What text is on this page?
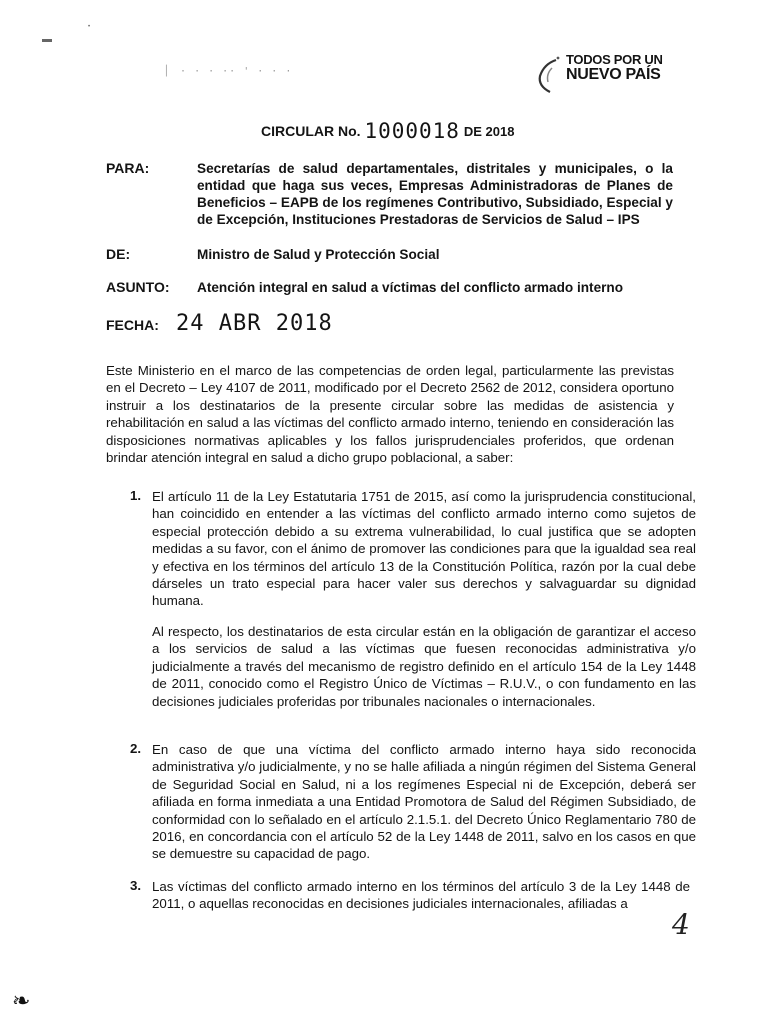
▬
•
▏ · · · ·· ' · · ·
TODOS POR UN
NUEVO PAÍS
CIRCULAR No. 1000018 DE 2018
PARA:	Secretarías de salud departamentales, distritales y municipales, o la entidad que haga sus veces, Empresas Administradoras de Planes de Beneficios – EAPB de los regímenes Contributivo, Subsidiado, Especial y de Excepción, Instituciones Prestadoras de Servicios de Salud – IPS
DE:	Ministro de Salud y Protección Social
ASUNTO: Atención integral en salud a víctimas del conflicto armado interno
FECHA: 24 ABR 2018
Este Ministerio en el marco de las competencias de orden legal, particularmente las previstas en el Decreto – Ley 4107 de 2011, modificado por el Decreto 2562 de 2012, considera oportuno instruir a los destinatarios de la presente circular sobre las medidas de asistencia y rehabilitación en salud a las víctimas del conflicto armado interno, teniendo en consideración las disposiciones normativas aplicables y los fallos jurisprudenciales proferidos, que ordenan brindar atención integral en salud a dicho grupo poblacional, a saber:
1. El artículo 11 de la Ley Estatutaria 1751 de 2015, así como la jurisprudencia constitucional, han coincidido en entender a las víctimas del conflicto armado interno como sujetos de especial protección debido a su extrema vulnerabilidad, lo cual justifica que se adopten medidas a su favor, con el ánimo de promover las condiciones para que la igualdad sea real y efectiva en los términos del artículo 13 de la Constitución Política, razón por la cual debe dárseles un trato especial para hacer valer sus derechos y salvaguardar su dignidad humana.
Al respecto, los destinatarios de esta circular están en la obligación de garantizar el acceso a los servicios de salud a las víctimas que fuesen reconocidas administrativa y/o judicialmente a través del mecanismo de registro definido en el artículo 154 de la Ley 1448 de 2011, conocido como el Registro Único de Víctimas – R.U.V., o con fundamento en las decisiones judiciales proferidas por tribunales nacionales o internacionales.
2. En caso de que una víctima del conflicto armado interno haya sido reconocida administrativa y/o judicialmente, y no se halle afiliada a ningún régimen del Sistema General de Seguridad Social en Salud, ni a los regímenes Especial ni de Excepción, deberá ser afiliada en forma inmediata a una Entidad Promotora de Salud del Régimen Subsidiado, de conformidad con lo señalado en el artículo 2.1.5.1. del Decreto Único Reglamentario 780 de 2016, en concordancia con el artículo 52 de la Ley 1448 de 2011, salvo en los casos en que se demuestre su capacidad de pago.
3. Las víctimas del conflicto armado interno en los términos del artículo 3 de la Ley 1448 de 2011, o aquellas reconocidas en decisiones judiciales internacionales, afiliadas a
4
❧
